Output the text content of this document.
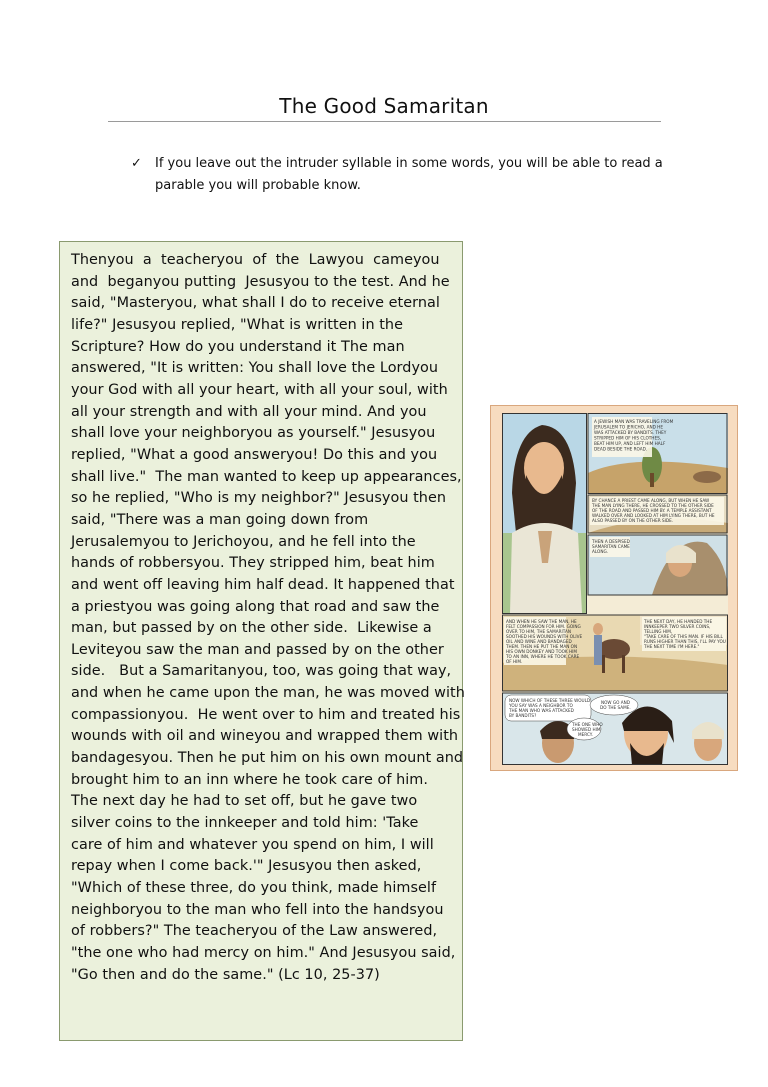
The Good Samaritan
✓ If you leave out the intruder syllable in some words, you will be able to read a parable you will probable know.

Thenyou  a  teacheryou  of  the  Lawyou  cameyou
and  beganyou putting  Jesusyou to the test. And he
said, "Masteryou, what shall I do to receive eternal
life?" Jesusyou replied, "What is written in the
Scripture? How do you understand it The man
answered, "It is written: You shall love the Lordyou
your God with all your heart, with all your soul, with
all your strength and with all your mind. And you
shall love your neighboryou as yourself." Jesusyou
replied, "What a good answeryou! Do this and you
shall live."  The man wanted to keep up appearances,
so he replied, "Who is my neighbor?" Jesusyou then
said, "There was a man going down from
Jerusalemyou to Jerichoyou, and he fell into the
hands of robbersyou. They stripped him, beat him
and went off leaving him half dead. It happened that
a priestyou was going along that road and saw the
man, but passed by on the other side.  Likewise a
Leviteyou saw the man and passed by on the other
side.   But a Samaritanyou, too, was going that way,
and when he came upon the man, he was moved with
compassionyou.  He went over to him and treated his
wounds with oil and wineyou and wrapped them with
bandagesyou. Then he put him on his own mount and
brought him to an inn where he took care of him.
The next day he had to set off, but he gave two
silver coins to the innkeeper and told him: 'Take
care of him and whatever you spend on him, I will
repay when I come back.'" Jesusyou then asked,
"Which of these three, do you think, made himself
neighboryou to the man who fell into the handsyou
of robbers?" The teacheryou of the Law answered,
"the one who had mercy on him." And Jesusyou said,
"Go then and do the same." (Lc 10, 25-37)

A JEWISH MAN WAS TRAVELING FROM
JERUSALEM TO JERICHO, AND HE
WAS ATTACKED BY BANDITS. THEY
STRIPPED HIM OF HIS CLOTHES,
BEAT HIM UP, AND LEFT HIM HALF
DEAD BESIDE THE ROAD.
BY CHANCE A PRIEST CAME ALONG, BUT WHEN HE SAW
THE MAN LYING THERE, HE CROSSED TO THE OTHER SIDE
OF THE ROAD AND PASSED HIM BY. A TEMPLE ASSISTANT
WALKED OVER AND LOOKED AT HIM LYING THERE, BUT HE
ALSO PASSED BY ON THE OTHER SIDE.
THEN A DESPISED
SAMARITAN CAME
ALONG.
THE NEXT DAY, HE HANDED THE
INNKEEPER TWO SILVER COINS,
TELLING HIM,
"TAKE CARE OF THIS MAN. IF HIS BILL
RUNS HIGHER THAN THIS, I'LL PAY YOU
THE NEXT TIME I'M HERE."
AND WHEN HE SAW THE MAN, HE
FELT COMPASSION FOR HIM. GOING
OVER TO HIM, THE SAMARITAN
SOOTHED HIS WOUNDS WITH OLIVE
OIL AND WINE AND BANDAGED
THEM. THEN HE PUT THE MAN ON
HIS OWN DONKEY AND TOOK HIM
TO AN INN, WHERE HE TOOK CARE
OF HIM.
NOW WHICH OF THESE THREE WOULD
YOU SAY WAS A NEIGHBOR TO
THE MAN WHO WAS ATTACKED
BY BANDITS?
NOW GO AND
DO THE SAME.
THE ONE WHO
SHOWED HIM
MERCY.
